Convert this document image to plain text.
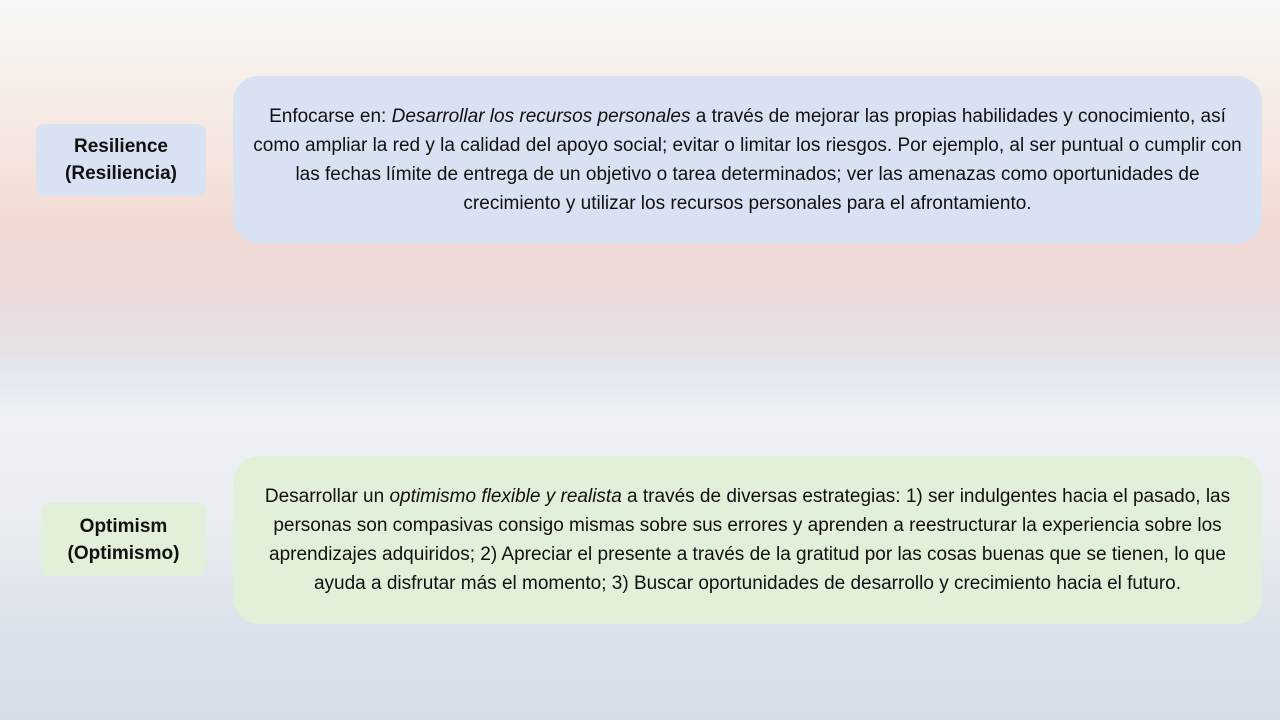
Resilience
(Resiliencia)

Enfocarse en: Desarrollar los recursos personales a través de mejorar las propias habilidades y conocimiento, así como ampliar la red y la calidad del apoyo social; evitar o limitar los riesgos. Por ejemplo, al ser puntual o cumplir con las fechas límite de entrega de un objetivo o tarea determinados; ver las amenazas como oportunidades de crecimiento y utilizar los recursos personales para el afrontamiento.

Optimism
(Optimismo)

Desarrollar un optimismo flexible y realista a través de diversas estrategias: 1) ser indulgentes hacia el pasado, las personas son compasivas consigo mismas sobre sus errores y aprenden a reestructurar la experiencia sobre los aprendizajes adquiridos; 2) Apreciar el presente a través de la gratitud por las cosas buenas que se tienen, lo que ayuda a disfrutar más el momento; 3) Buscar oportunidades de desarrollo y crecimiento hacia el futuro.
